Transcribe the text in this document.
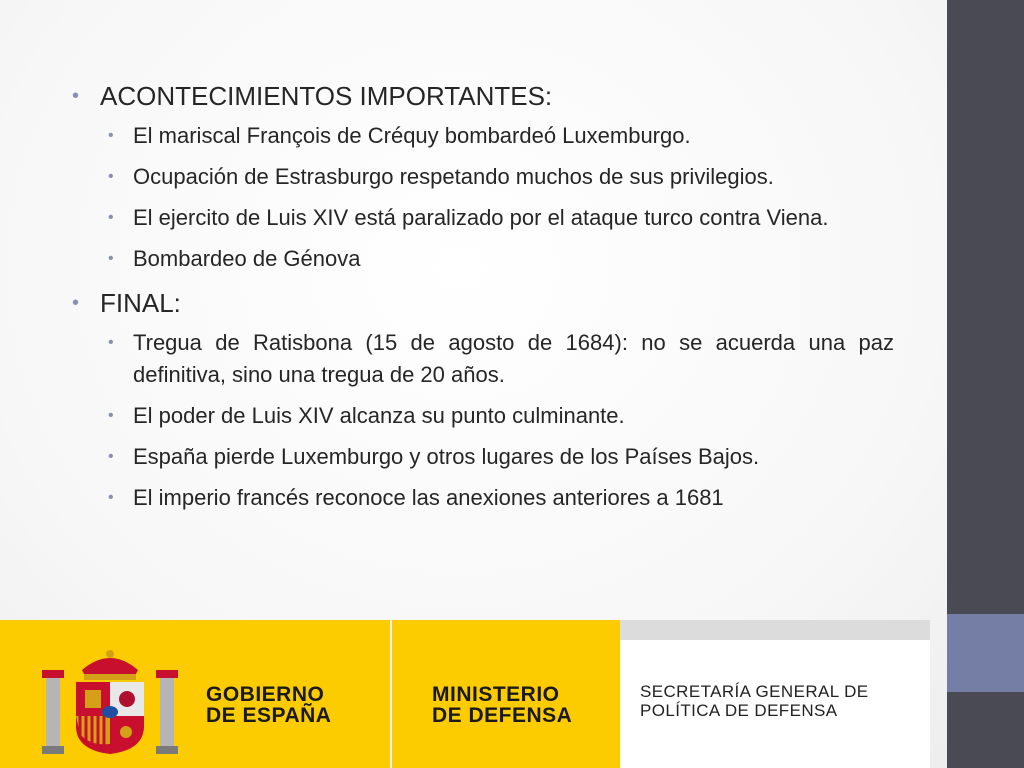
• ACONTECIMIENTOS IMPORTANTES:
• El mariscal François de Créquy bombardeó Luxemburgo.
• Ocupación de Estrasburgo respetando muchos de sus privilegios.
• El ejercito de Luis XIV está paralizado por el ataque turco contra Viena.
• Bombardeo de Génova
• FINAL:
• Tregua de Ratisbona (15 de agosto de 1684): no se acuerda una paz definitiva, sino una tregua de 20 años.
• El poder de Luis XIV alcanza su punto culminante.
• España pierde Luxemburgo y otros lugares de los Países Bajos.
• El imperio francés reconoce las anexiones anteriores a 1681
GOBIERNO
DE ESPAÑA
MINISTERIO
DE DEFENSA
SECRETARÍA GENERAL DE
POLÍTICA DE DEFENSA
